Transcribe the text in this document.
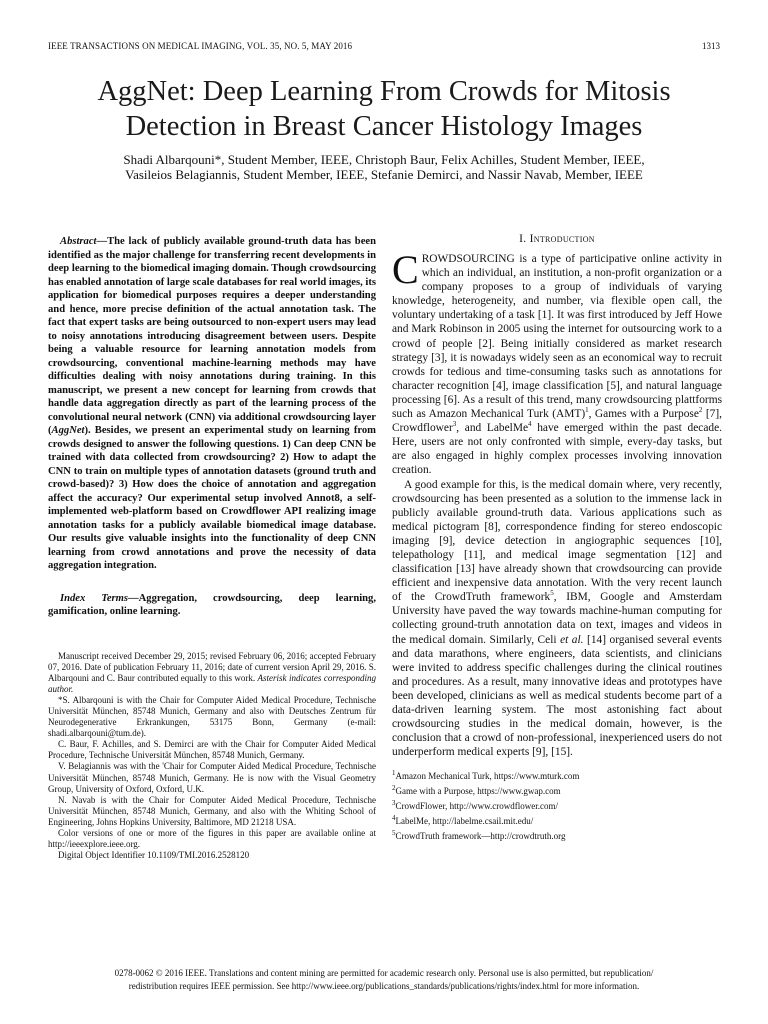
IEEE TRANSACTIONS ON MEDICAL IMAGING, VOL. 35, NO. 5, MAY 2016	1313
AggNet: Deep Learning From Crowds for Mitosis
Detection in Breast Cancer Histology Images
Shadi Albarqouni*, Student Member, IEEE, Christoph Baur, Felix Achilles, Student Member, IEEE,
Vasileios Belagiannis, Student Member, IEEE, Stefanie Demirci, and Nassir Navab, Member, IEEE

Abstract—The lack of publicly available ground-truth data has been identified as the major challenge for transferring recent developments in deep learning to the biomedical imaging domain. Though crowdsourcing has enabled annotation of large scale databases for real world images, its application for biomedical purposes requires a deeper understanding and hence, more precise definition of the actual annotation task. The fact that expert tasks are being outsourced to non-expert users may lead to noisy annotations introducing disagreement between users. Despite being a valuable resource for learning annotation models from crowdsourcing, conventional machine-learning methods may have difficulties dealing with noisy annotations during training. In this manuscript, we present a new concept for learning from crowds that handle data aggregation directly as part of the learning process of the convolutional neural network (CNN) via additional crowdsourcing layer (AggNet). Besides, we present an experimental study on learning from crowds designed to answer the following questions. 1) Can deep CNN be trained with data collected from crowdsourcing? 2) How to adapt the CNN to train on multiple types of annotation datasets (ground truth and crowd-based)? 3) How does the choice of annotation and aggregation affect the accuracy? Our experimental setup involved Annot8, a self-implemented web-platform based on Crowdflower API realizing image annotation tasks for a publicly available biomedical image database. Our results give valuable insights into the functionality of deep CNN learning from crowd annotations and prove the necessity of data aggregation integration.

Index Terms—Aggregation, crowdsourcing, deep learning, gamification, online learning.

Manuscript received December 29, 2015; revised February 06, 2016; accepted February 07, 2016. Date of publication February 11, 2016; date of current version April 29, 2016. S. Albarqouni and C. Baur contributed equally to this work. Asterisk indicates corresponding author.

*S. Albarqouni is with the Chair for Computer Aided Medical Procedure, Technische Universität München, 85748 Munich, Germany and also with Deutsches Zentrum für Neurodegenerative Erkrankungen, 53175 Bonn, Germany (e-mail: shadi.albarqouni@tum.de).

C. Baur, F. Achilles, and S. Demirci are with the Chair for Computer Aided Medical Procedure, Technische Universität München, 85748 Munich, Germany.

V. Belagiannis was with the 'Chair for Computer Aided Medical Procedure, Technische Universität München, 85748 Munich, Germany. He is now with the Visual Geometry Group, University of Oxford, Oxford, U.K.

N. Navab is with the Chair for Computer Aided Medical Procedure, Technische Universität München, 85748 Munich, Germany, and also with the Whiting School of Engineering, Johns Hopkins University, Baltimore, MD 21218 USA.

Color versions of one or more of the figures in this paper are available online at http://ieeexplore.ieee.org.

Digital Object Identifier 10.1109/TMI.2016.2528120

I. Introduction

CROWDSOURCING is a type of participative online activity in which an individual, an institution, a non-profit organization or a company proposes to a group of individuals of varying knowledge, heterogeneity, and number, via flexible open call, the voluntary undertaking of a task [1]. It was first introduced by Jeff Howe and Mark Robinson in 2005 using the internet for outsourcing work to a crowd of people [2]. Being initially considered as market research strategy [3], it is nowadays widely seen as an economical way to recruit crowds for tedious and time-consuming tasks such as annotations for character recognition [4], image classification [5], and natural language processing [6]. As a result of this trend, many crowdsourcing plattforms such as Amazon Mechanical Turk (AMT)$^1$, Games with a Purpose$^2$ [7], Crowdflower$^3$, and LabelMe$^4$ have emerged within the past decade. Here, users are not only confronted with simple, every-day tasks, but are also engaged in highly complex processes involving innovation creation.

A good example for this, is the medical domain where, very recently, crowdsourcing has been presented as a solution to the immense lack in publicly available ground-truth data. Various applications such as medical pictogram [8], correspondence finding for stereo endoscopic imaging [9], device detection in angiographic sequences [10], telepathology [11], and medical image segmentation [12] and classification [13] have already shown that crowdsourcing can provide efficient and inexpensive data annotation. With the very recent launch of the CrowdTruth framework$^5$, IBM, Google and Amsterdam University have paved the way towards machine-human computing for collecting ground-truth annotation data on text, images and videos in the medical domain. Similarly, Celi et al. [14] organised several events and data marathons, where engineers, data scientists, and clinicians were invited to address specific challenges during the clinical routines and procedures. As a result, many innovative ideas and prototypes have been developed, clinicians as well as medical students become part of a data-driven learning system. The most astonishing fact about crowdsourcing studies in the medical domain, however, is the conclusion that a crowd of non-professional, inexperienced users do not underperform medical experts [9], [15].

$^1$Amazon Mechanical Turk, https://www.mturk.com
$^2$Game with a Purpose, https://www.gwap.com
$^3$CrowdFlower, http://www.crowdflower.com/
$^4$LabelMe, http://labelme.csail.mit.edu/
$^5$CrowdTruth framework—http://crowdtruth.org
0278-0062 © 2016 IEEE. Translations and content mining are permitted for academic research only. Personal use is also permitted, but republication/
redistribution requires IEEE permission. See http://www.ieee.org/publications_standards/publications/rights/index.html for more information.
